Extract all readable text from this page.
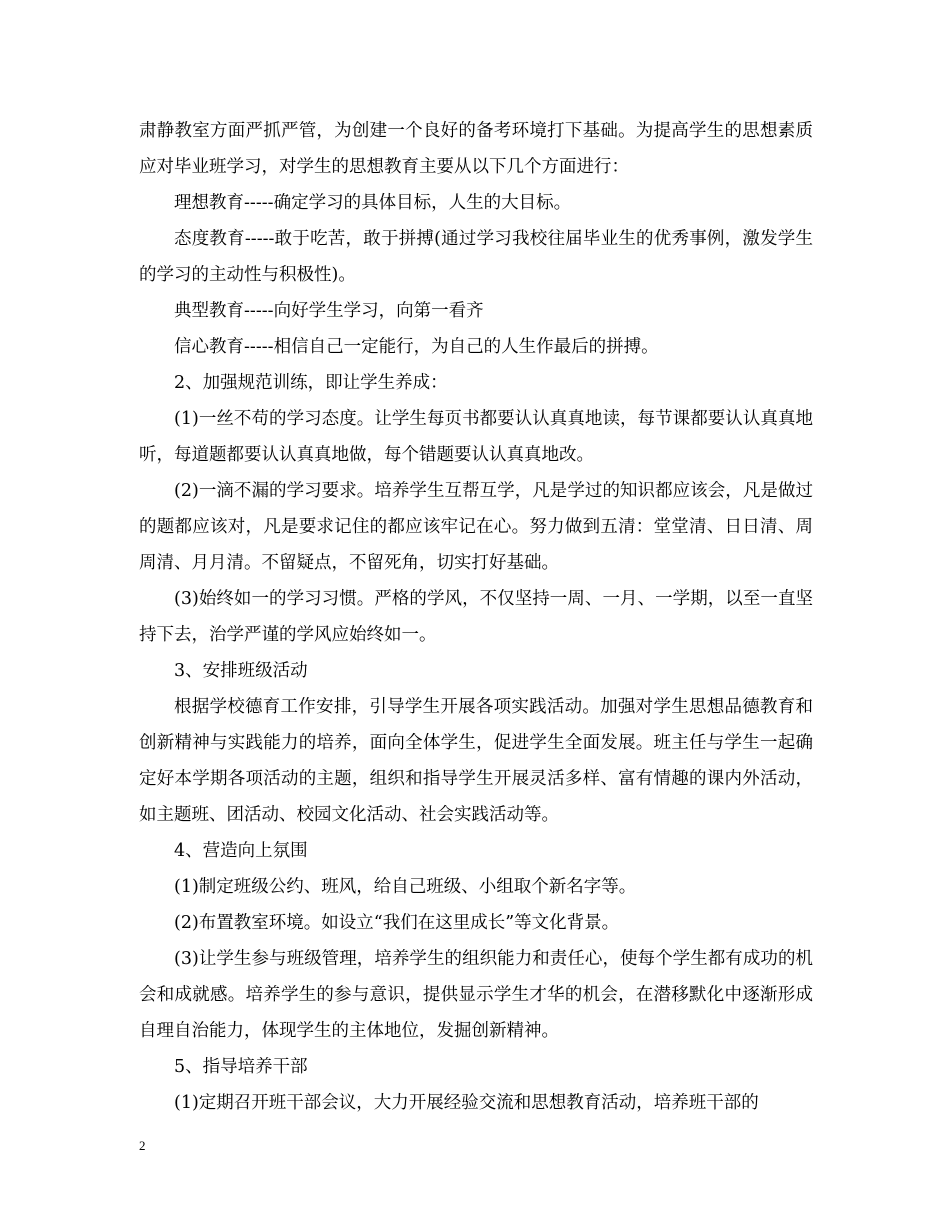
肃静教室方面严抓严管，为创建一个良好的备考环境打下基础。为提高学生的思想素质应对毕业班学习，对学生的思想教育主要从以下几个方面进行：

理想教育-----确定学习的具体目标，人生的大目标。

态度教育-----敢于吃苦，敢于拼搏(通过学习我校往届毕业生的优秀事例，激发学生的学习的主动性与积极性)。

典型教育-----向好学生学习，向第一看齐

信心教育-----相信自己一定能行，为自己的人生作最后的拼搏。

2、加强规范训练，即让学生养成：

(1)一丝不苟的学习态度。让学生每页书都要认认真真地读，每节课都要认认真真地听，每道题都要认认真真地做，每个错题要认认真真地改。

(2)一滴不漏的学习要求。培养学生互帮互学，凡是学过的知识都应该会，凡是做过的题都应该对，凡是要求记住的都应该牢记在心。努力做到五清：堂堂清、日日清、周周清、月月清。不留疑点，不留死角，切实打好基础。

(3)始终如一的学习习惯。严格的学风，不仅坚持一周、一月、一学期，以至一直坚持下去，治学严谨的学风应始终如一。

3、安排班级活动

根据学校德育工作安排，引导学生开展各项实践活动。加强对学生思想品德教育和创新精神与实践能力的培养，面向全体学生，促进学生全面发展。班主任与学生一起确定好本学期各项活动的主题，组织和指导学生开展灵活多样、富有情趣的课内外活动，如主题班、团活动、校园文化活动、社会实践活动等。

4、营造向上氛围

(1)制定班级公约、班风，给自己班级、小组取个新名字等。

(2)布置教室环境。如设立“我们在这里成长”等文化背景。

(3)让学生参与班级管理，培养学生的组织能力和责任心，使每个学生都有成功的机会和成就感。培养学生的参与意识，提供显示学生才华的机会，在潜移默化中逐渐形成自理自治能力，体现学生的主体地位，发掘创新精神。

5、指导培养干部

(1)定期召开班干部会议，大力开展经验交流和思想教育活动，培养班干部的

2
